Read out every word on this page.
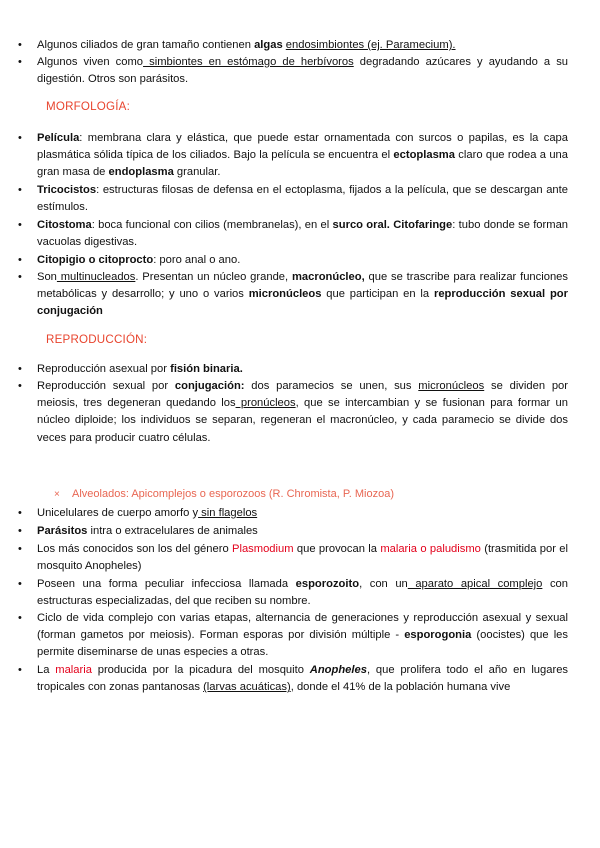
•	Algunos ciliados de gran tamaño contienen algas endosimbiontes (ej. Paramecium).
•	Algunos viven como simbiontes en estómago de herbívoros degradando azúcares y ayudando a su digestión. Otros son parásitos.
MORFOLOGÍA:
•	Película: membrana clara y elástica, que puede estar ornamentada con surcos o papilas, es la capa plasmática sólida típica de los ciliados. Bajo la película se encuentra el ectoplasma claro que rodea a una gran masa de endoplasma granular.
•	Tricocistos: estructuras filosas de defensa en el ectoplasma, fijados a la película, que se descargan ante estímulos.
•	Citostoma: boca funcional con cilios (membranelas), en el surco oral. Citofaringe: tubo donde se forman vacuolas digestivas.
•	Citopigio o citoprocto: poro anal o ano.
•	Son multinucleados. Presentan un núcleo grande, macronúcleo, que se trascribe para realizar funciones metabólicas y desarrollo; y uno o varios micronúcleos que participan en la reproducción sexual por conjugación
REPRODUCCIÓN:
•	Reproducción asexual por fisión binaria.
•	Reproducción sexual por conjugación: dos paramecios se unen, sus micronúcleos se dividen por meiosis, tres degeneran quedando los pronúcleos, que se intercambian y se fusionan para formar un núcleo diploide; los individuos se separan, regeneran el macronúcleo, y cada paramecio se divide dos veces para producir cuatro células.
× Alveolados: Apicomplejos o esporozoos (R. Chromista, P. Miozoa)
•	Unicelulares de cuerpo amorfo y sin flagelos
•	Parásitos intra o extracelulares de animales
•	Los más conocidos son los del género Plasmodium que provocan la malaria o paludismo (trasmitida por el mosquito Anopheles)
•	Poseen una forma peculiar infecciosa llamada esporozoito, con un aparato apical complejo con estructuras especializadas, del que reciben su nombre.
•	Ciclo de vida complejo con varias etapas, alternancia de generaciones y reproducción asexual y sexual (forman gametos por meiosis). Forman esporas por división múltiple - esporogonia (oocistes) que les permite diseminarse de unas especies a otras.
•	La malaria producida por la picadura del mosquito Anopheles, que prolifera todo el año en lugares tropicales con zonas pantanosas (larvas acuáticas), donde el 41% de la población humana vive
